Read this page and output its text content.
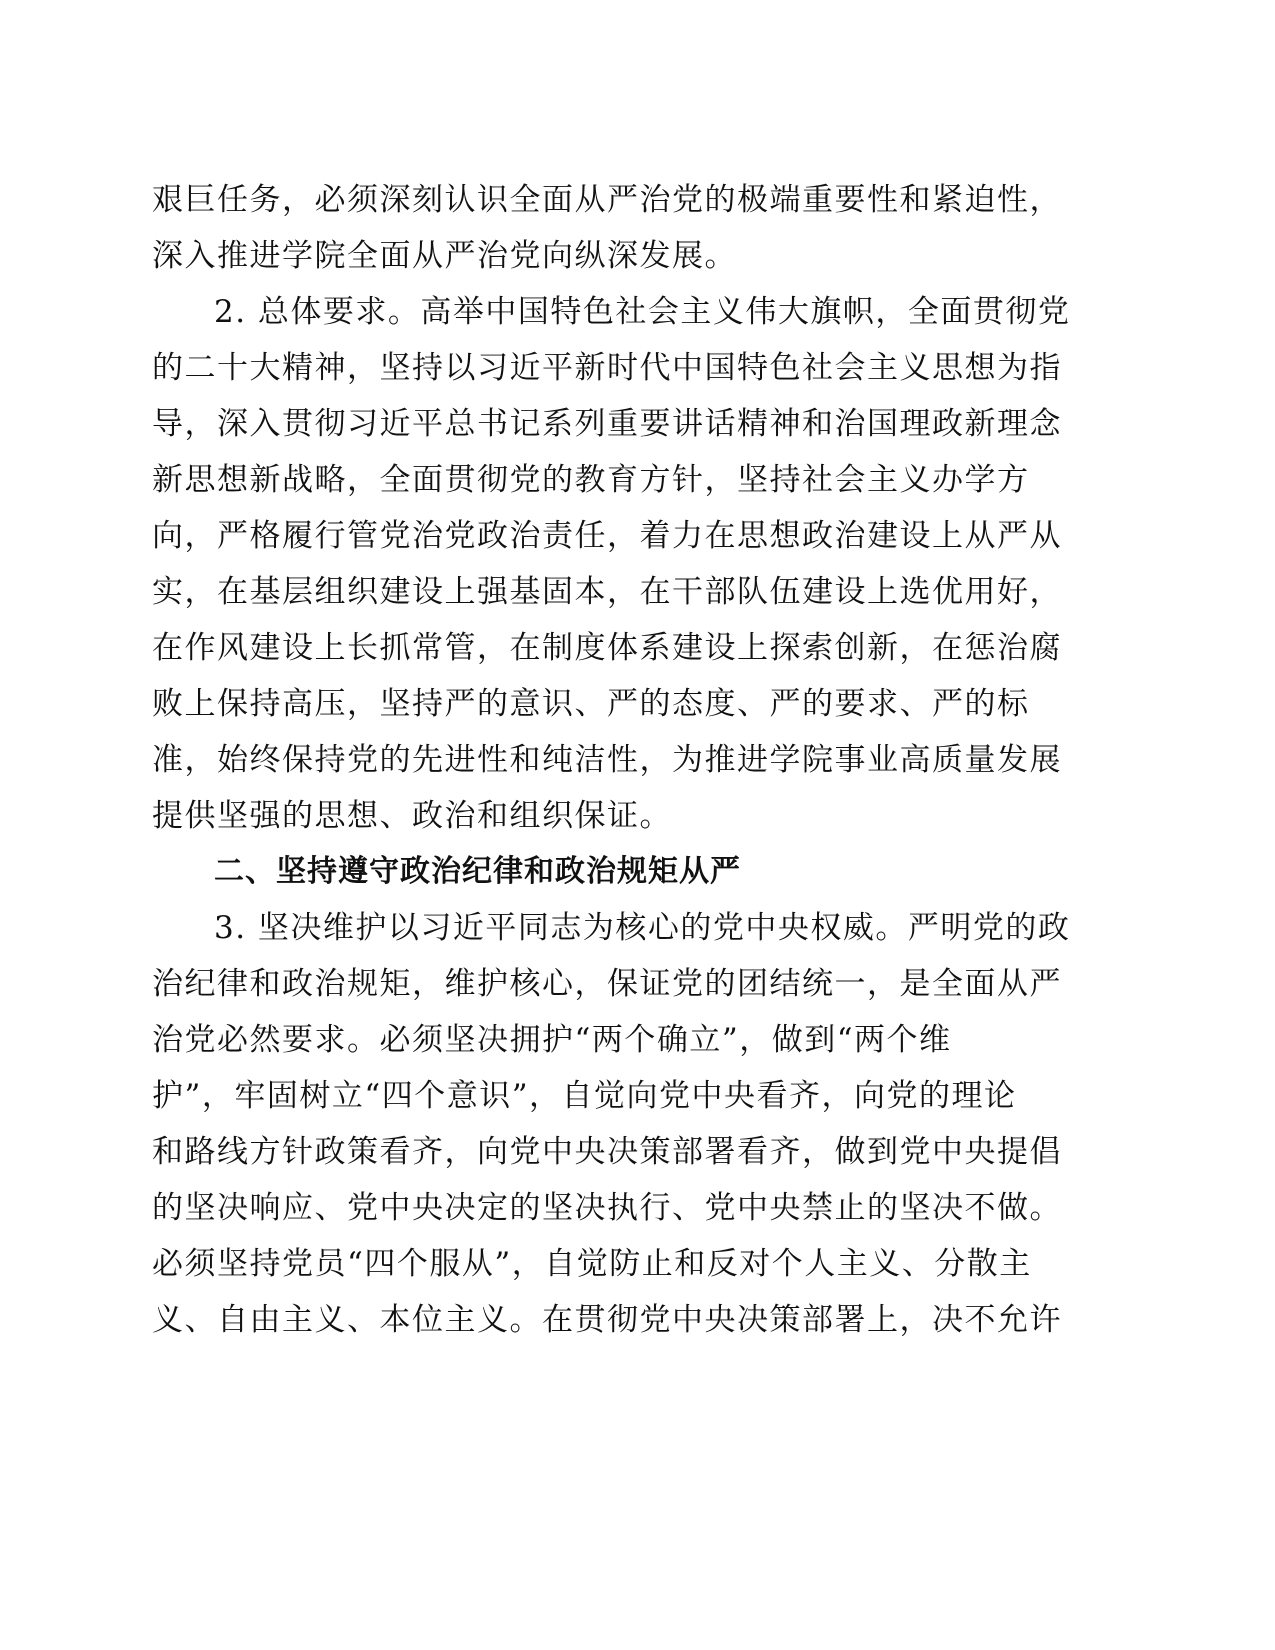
艰巨任务，必须深刻认识全面从严治党的极端重要性和紧迫性，
深入推进学院全面从严治党向纵深发展。
2. 总体要求。高举中国特色社会主义伟大旗帜，全面贯彻党
的二十大精神，坚持以习近平新时代中国特色社会主义思想为指
导，深入贯彻习近平总书记系列重要讲话精神和治国理政新理念
新思想新战略，全面贯彻党的教育方针，坚持社会主义办学方
向，严格履行管党治党政治责任，着力在思想政治建设上从严从
实，在基层组织建设上强基固本，在干部队伍建设上选优用好，
在作风建设上长抓常管，在制度体系建设上探索创新，在惩治腐
败上保持高压，坚持严的意识、严的态度、严的要求、严的标
准，始终保持党的先进性和纯洁性，为推进学院事业高质量发展
提供坚强的思想、政治和组织保证。
二、坚持遵守政治纪律和政治规矩从严
3. 坚决维护以习近平同志为核心的党中央权威。严明党的政
治纪律和政治规矩，维护核心，保证党的团结统一，是全面从严
治党必然要求。必须坚决拥护“两个确立”，做到“两个维
护”，牢固树立“四个意识”，自觉向党中央看齐，向党的理论
和路线方针政策看齐，向党中央决策部署看齐，做到党中央提倡
的坚决响应、党中央决定的坚决执行、党中央禁止的坚决不做。
必须坚持党员“四个服从”，自觉防止和反对个人主义、分散主
义、自由主义、本位主义。在贯彻党中央决策部署上，决不允许
